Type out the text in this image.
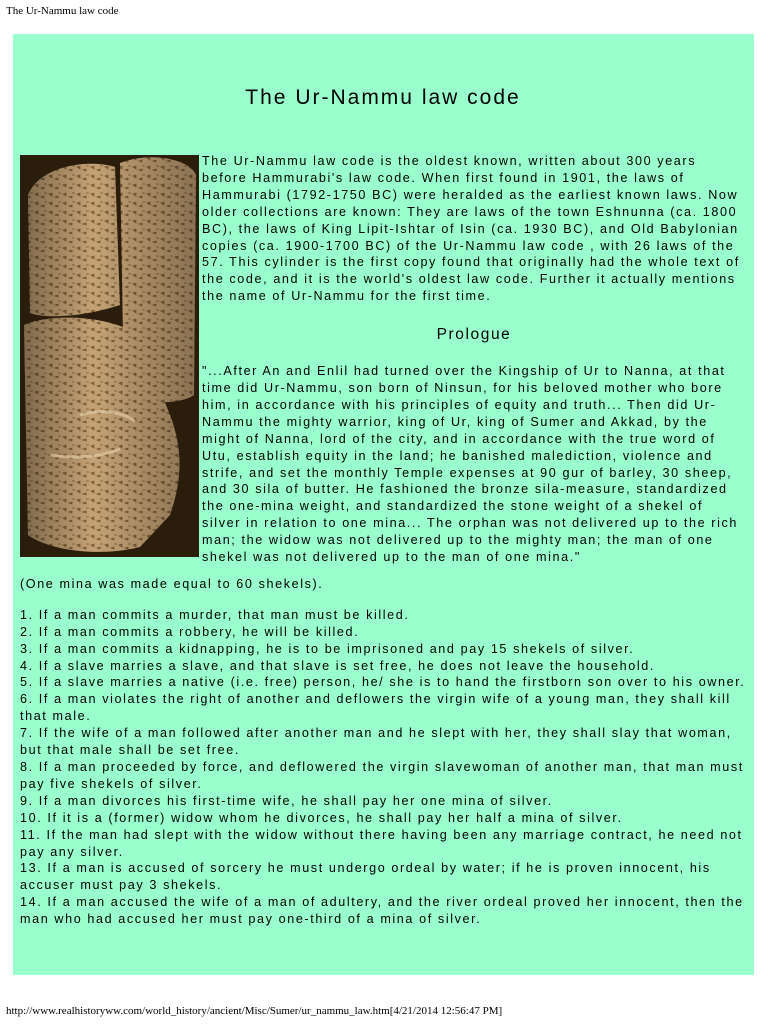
The Ur-Nammu law code
The Ur-Nammu law code

The Ur-Nammu law code is the oldest known, written about 300 years before Hammurabi's law code. When first found in 1901, the laws of Hammurabi (1792-1750 BC) were heralded as the earliest known laws. Now older collections are known: They are laws of the town Eshnunna (ca. 1800 BC), the laws of King Lipit-Ishtar of Isin (ca. 1930 BC), and Old Babylonian copies (ca. 1900-1700 BC) of the Ur-Nammu law code , with 26 laws of the 57. This cylinder is the first copy found that originally had the whole text of the code, and it is the world's oldest law code. Further it actually mentions the name of Ur-Nammu for the first time.

Prologue

"...After An and Enlil had turned over the Kingship of Ur to Nanna, at that time did Ur-Nammu, son born of Ninsun, for his beloved mother who bore him, in accordance with his principles of equity and truth... Then did Ur-Nammu the mighty warrior, king of Ur, king of Sumer and Akkad, by the might of Nanna, lord of the city, and in accordance with the true word of Utu, establish equity in the land; he banished malediction, violence and strife, and set the monthly Temple expenses at 90 gur of barley, 30 sheep, and 30 sila of butter. He fashioned the bronze sila-measure, standardized the one-mina weight, and standardized the stone weight of a shekel of silver in relation to one mina... The orphan was not delivered up to the rich man; the widow was not delivered up to the mighty man; the man of one shekel was not delivered up to the man of one mina."

(One mina was made equal to 60 shekels).

1. If a man commits a murder, that man must be killed.
2. If a man commits a robbery, he will be killed.
3. If a man commits a kidnapping, he is to be imprisoned and pay 15 shekels of silver.
4. If a slave marries a slave, and that slave is set free, he does not leave the household.
5. If a slave marries a native (i.e. free) person, he/ she is to hand the firstborn son over to his owner.
6. If a man violates the right of another and deflowers the virgin wife of a young man, they shall kill that male.
7. If the wife of a man followed after another man and he slept with her, they shall slay that woman, but that male shall be set free.
8. If a man proceeded by force, and deflowered the virgin slavewoman of another man, that man must pay five shekels of silver.
9. If a man divorces his first-time wife, he shall pay her one mina of silver.
10. If it is a (former) widow whom he divorces, he shall pay her half a mina of silver.
11. If the man had slept with the widow without there having been any marriage contract, he need not pay any silver.
13. If a man is accused of sorcery he must undergo ordeal by water; if he is proven innocent, his accuser must pay 3 shekels.
14. If a man accused the wife of a man of adultery, and the river ordeal proved her innocent, then the man who had accused her must pay one-third of a mina of silver.
http://www.realhistoryww.com/world_history/ancient/Misc/Sumer/ur_nammu_law.htm[4/21/2014 12:56:47 PM]
